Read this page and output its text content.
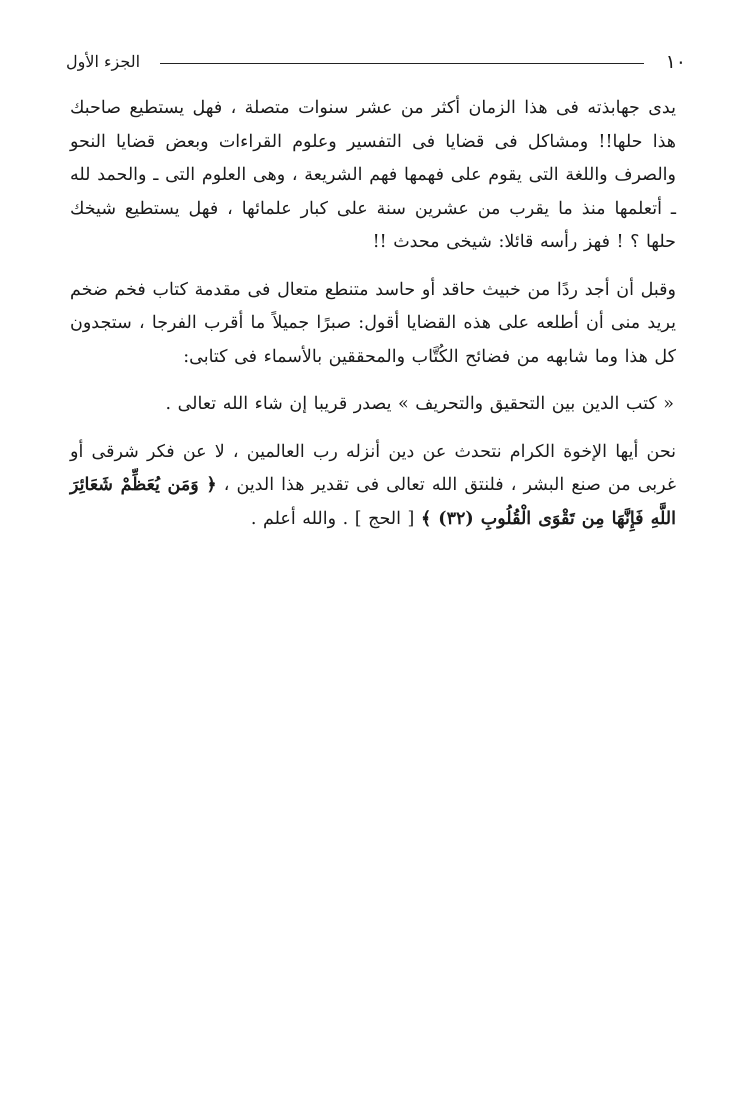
١٠
الجزء الأول

يدى جهابذته فى هذا الزمان أكثر من عشر سنوات متصلة ، فهل يستطيع صاحبك هذا حلها!! ومشاكل فى قضايا فى التفسير وعلوم القراءات وبعض قضايا النحو والصرف واللغة التى يقوم على فهمها فهم الشريعة ، وهى العلوم التى ـ والحمد لله ـ أتعلمها منذ ما يقرب من عشرين سنة على كبار علمائها ، فهل يستطيع شيخك حلها ؟ ! فهز رأسه قائلا: شيخى محدث !!

وقبل أن أجد ردًا من خبيث حاقد أو حاسد متنطع متعال فى مقدمة كتاب فخم ضخم يريد منى أن أطلعه على هذه القضايا أقول: صبرًا جميلاً ما أقرب الفرجا ، ستجدون كل هذا وما شابهه من فضائح الكُتَّاب والمحققين بالأسماء فى كتابى:

« كتب الدين بين التحقيق والتحريف » يصدر قريبا إن شاء الله تعالى .

نحن أيها الإخوة الكرام نتحدث عن دين أنزله رب العالمين ، لا عن فكر شرقى أو غربى من صنع البشر ، فلنتق الله تعالى فى تقدير هذا الدين ، ﴿ وَمَن يُعَظِّمْ شَعَائِرَ اللَّهِ فَإِنَّهَا مِن تَقْوَى الْقُلُوبِ (٣٢) ﴾ [ الحج ] . والله أعلم .
